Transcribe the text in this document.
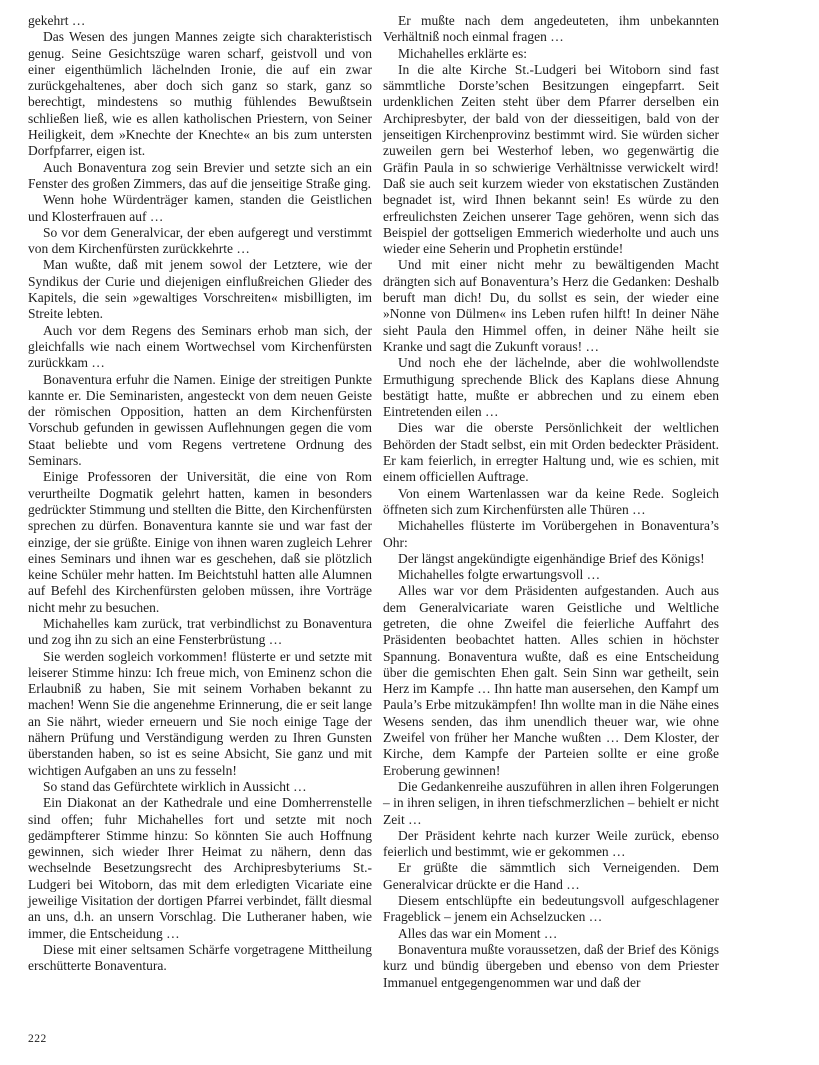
gekehrt …

Das Wesen des jungen Mannes zeigte sich charakteristisch genug. Seine Gesichtszüge waren scharf, geistvoll und von einer eigenthümlich lächelnden Ironie, die auf ein zwar zurückgehaltenes, aber doch sich ganz so stark, ganz so berechtigt, mindestens so muthig fühlendes Bewußtsein schließen ließ, wie es allen katholischen Priestern, von Seiner Heiligkeit, dem »Knechte der Knechte« an bis zum untersten Dorfpfarrer, eigen ist.

Auch Bonaventura zog sein Brevier und setzte sich an ein Fenster des großen Zimmers, das auf die jenseitige Straße ging.

Wenn hohe Würdenträger kamen, standen die Geistlichen und Klosterfrauen auf …

So vor dem Generalvicar, der eben aufgeregt und verstimmt von dem Kirchenfürsten zurückkehrte …

Man wußte, daß mit jenem sowol der Letztere, wie der Syndikus der Curie und diejenigen einflußreichen Glieder des Kapitels, die sein »gewaltiges Vorschreiten« misbilligten, im Streite lebten.

Auch vor dem Regens des Seminars erhob man sich, der gleichfalls wie nach einem Wortwechsel vom Kirchenfürsten zurückkam …

Bonaventura erfuhr die Namen. Einige der streitigen Punkte kannte er. Die Seminaristen, angesteckt von dem neuen Geiste der römischen Opposition, hatten an dem Kirchenfürsten Vorschub gefunden in gewissen Auflehnungen gegen die vom Staat beliebte und vom Regens vertretene Ordnung des Seminars.

Einige Professoren der Universität, die eine von Rom verurtheilte Dogmatik gelehrt hatten, kamen in besonders gedrückter Stimmung und stellten die Bitte, den Kirchenfürsten sprechen zu dürfen. Bonaventura kannte sie und war fast der einzige, der sie grüßte. Einige von ihnen waren zugleich Lehrer eines Seminars und ihnen war es geschehen, daß sie plötzlich keine Schüler mehr hatten. Im Beichtstuhl hatten alle Alumnen auf Befehl des Kirchenfürsten geloben müssen, ihre Vorträge nicht mehr zu besuchen.

Michahelles kam zurück, trat verbindlichst zu Bonaventura und zog ihn zu sich an eine Fensterbrüstung …

Sie werden sogleich vorkommen! flüsterte er und setzte mit leiserer Stimme hinzu: Ich freue mich, von Eminenz schon die Erlaubniß zu haben, Sie mit seinem Vorhaben bekannt zu machen! Wenn Sie die angenehme Erinnerung, die er seit lange an Sie nährt, wieder erneuern und Sie noch einige Tage der nähern Prüfung und Verständigung werden zu Ihren Gunsten überstanden haben, so ist es seine Absicht, Sie ganz und mit wichtigen Aufgaben an uns zu fesseln!

So stand das Gefürchtete wirklich in Aussicht …

Ein Diakonat an der Kathedrale und eine Domherrenstelle sind offen; fuhr Michahelles fort und setzte mit noch gedämpfterer Stimme hinzu: So könnten Sie auch Hoffnung gewinnen, sich wieder Ihrer Heimat zu nähern, denn das wechselnde Besetzungsrecht des Archipresbyteriums St.-Ludgeri bei Witoborn, das mit dem erledigten Vicariate eine jeweilige Visitation der dortigen Pfarrei verbindet, fällt diesmal an uns, d.h. an unsern Vorschlag. Die Lutheraner haben, wie immer, die Entscheidung …

Diese mit einer seltsamen Schärfe vorgetragene Mittheilung erschütterte Bonaventura.

Er mußte nach dem angedeuteten, ihm unbekannten Verhältniß noch einmal fragen …

Michahelles erklärte es:

In die alte Kirche St.-Ludgeri bei Witoborn sind fast sämmtliche Dorste’schen Besitzungen eingepfarrt. Seit urdenklichen Zeiten steht über dem Pfarrer derselben ein Archipresbyter, der bald von der diesseitigen, bald von der jenseitigen Kirchenprovinz bestimmt wird. Sie würden sicher zuweilen gern bei Westerhof leben, wo gegenwärtig die Gräfin Paula in so schwierige Verhältnisse verwickelt wird! Daß sie auch seit kurzem wieder von ekstatischen Zuständen begnadet ist, wird Ihnen bekannt sein! Es würde zu den erfreulichsten Zeichen unserer Tage gehören, wenn sich das Beispiel der gottseligen Emmerich wiederholte und auch uns wieder eine Seherin und Prophetin erstünde!

Und mit einer nicht mehr zu bewältigenden Macht drängten sich auf Bonaventura’s Herz die Gedanken: Deshalb beruft man dich! Du, du sollst es sein, der wieder eine »Nonne von Dülmen« ins Leben rufen hilft! In deiner Nähe sieht Paula den Himmel offen, in deiner Nähe heilt sie Kranke und sagt die Zukunft voraus! …

Und noch ehe der lächelnde, aber die wohlwollendste Ermuthigung sprechende Blick des Kaplans diese Ahnung bestätigt hatte, mußte er abbrechen und zu einem eben Eintretenden eilen …

Dies war die oberste Persönlichkeit der weltlichen Behörden der Stadt selbst, ein mit Orden bedeckter Präsident. Er kam feierlich, in erregter Haltung und, wie es schien, mit einem officiellen Auftrage.

Von einem Wartenlassen war da keine Rede. Sogleich öffneten sich zum Kirchenfürsten alle Thüren …

Michahelles flüsterte im Vorübergehen in Bonaventura’s Ohr:

Der längst angekündigte eigenhändige Brief des Königs!

Michahelles folgte erwartungsvoll …

Alles war vor dem Präsidenten aufgestanden. Auch aus dem Generalvicariate waren Geistliche und Weltliche getreten, die ohne Zweifel die feierliche Auffahrt des Präsidenten beobachtet hatten. Alles schien in höchster Spannung. Bonaventura wußte, daß es eine Entscheidung über die gemischten Ehen galt. Sein Sinn war getheilt, sein Herz im Kampfe … Ihn hatte man ausersehen, den Kampf um Paula’s Erbe mitzukämpfen! Ihn wollte man in die Nähe eines Wesens senden, das ihm unendlich theuer war, wie ohne Zweifel von früher her Manche wußten … Dem Kloster, der Kirche, dem Kampfe der Parteien sollte er eine große Eroberung gewinnen!

Die Gedankenreihe auszuführen in allen ihren Folgerungen – in ihren seligen, in ihren tiefschmerzlichen – behielt er nicht Zeit …

Der Präsident kehrte nach kurzer Weile zurück, ebenso feierlich und bestimmt, wie er gekommen …

Er grüßte die sämmtlich sich Verneigenden. Dem Generalvicar drückte er die Hand …

Diesem entschlüpfte ein bedeutungsvoll aufgeschlagener Frageblick – jenem ein Achselzucken …

Alles das war ein Moment …

Bonaventura mußte voraussetzen, daß der Brief des Königs kurz und bündig übergeben und ebenso von dem Priester Immanuel entgegengenommen war und daß der

222
